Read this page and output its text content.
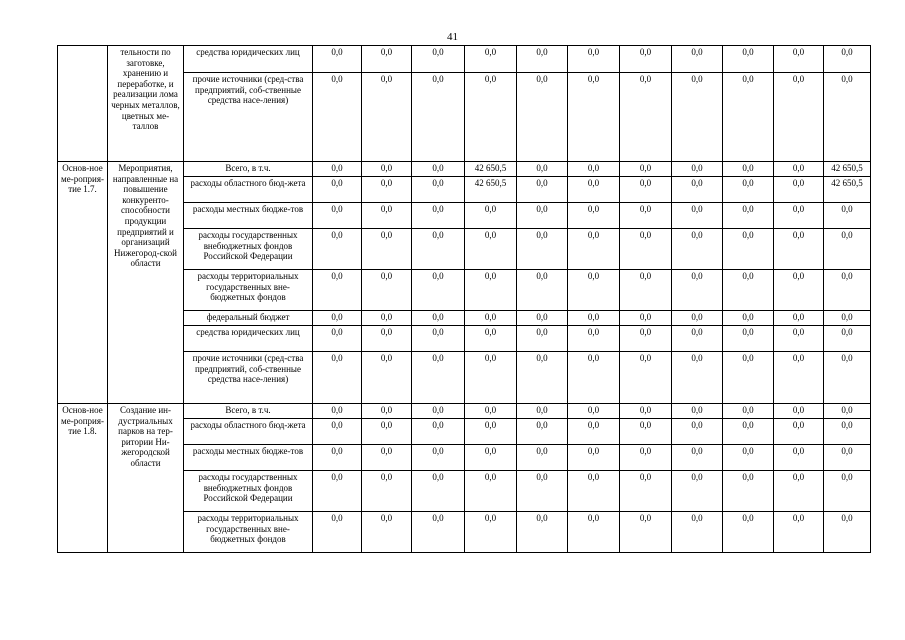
41
	тельности по заготовке, хранению и переработке, и реализации лома черных металлов, цветных ме-таллов	средства юридических лиц	0,0	0,0	0,0	0,0	0,0	0,0	0,0	0,0	0,0	0,0	0,0
		прочие источники (сред-ства предприятий, соб-ственные средства насе-ления)	0,0	0,0	0,0	0,0	0,0	0,0	0,0	0,0	0,0	0,0	0,0
Основ-ное ме-роприя-тие 1.7.	Мероприятия, направленные на повышение конкуренто-способности продукции предприятий и организаций Нижегород-ской области	Всего, в т.ч.	0,0	0,0	0,0	42 650,5	0,0	0,0	0,0	0,0	0,0	0,0	42 650,5
		расходы областного бюд-жета	0,0	0,0	0,0	42 650,5	0,0	0,0	0,0	0,0	0,0	0,0	42 650,5
		расходы местных бюдже-тов	0,0	0,0	0,0	0,0	0,0	0,0	0,0	0,0	0,0	0,0	0,0
		расходы государственных внебюджетных фондов Российской Федерации	0,0	0,0	0,0	0,0	0,0	0,0	0,0	0,0	0,0	0,0	0,0
		расходы территориальных государственных вне-бюджетных фондов	0,0	0,0	0,0	0,0	0,0	0,0	0,0	0,0	0,0	0,0	0,0
		федеральный бюджет	0,0	0,0	0,0	0,0	0,0	0,0	0,0	0,0	0,0	0,0	0,0
		средства юридических лиц	0,0	0,0	0,0	0,0	0,0	0,0	0,0	0,0	0,0	0,0	0,0
		прочие источники (сред-ства предприятий, соб-ственные средства насе-ления)	0,0	0,0	0,0	0,0	0,0	0,0	0,0	0,0	0,0	0,0	0,0
Основ-ное ме-роприя-тие 1.8.	Создание ин-дустриальных парков на тер-ритории Ни-жегородской области	Всего, в т.ч.	0,0	0,0	0,0	0,0	0,0	0,0	0,0	0,0	0,0	0,0	0,0
		расходы областного бюд-жета	0,0	0,0	0,0	0,0	0,0	0,0	0,0	0,0	0,0	0,0	0,0
		расходы местных бюдже-тов	0,0	0,0	0,0	0,0	0,0	0,0	0,0	0,0	0,0	0,0	0,0
		расходы государственных внебюджетных фондов Российской Федерации	0,0	0,0	0,0	0,0	0,0	0,0	0,0	0,0	0,0	0,0	0,0
		расходы территориальных государственных вне-бюджетных фондов	0,0	0,0	0,0	0,0	0,0	0,0	0,0	0,0	0,0	0,0	0,0
